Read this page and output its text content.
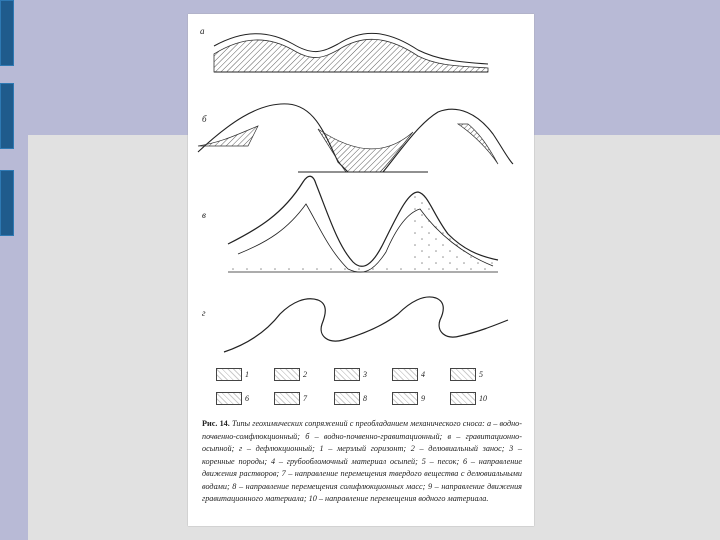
а
б
в
г
1	2	3	4	5
6	7	8	9	10
Рис. 14. Типы геохимических сопряжений с преобладанием механического сноса: а – водно-почвенно-сомфлюкционный; б – водно-почвенно-гравитационный; в – гравитационно-осыпной; г – дефлюкционный; 1 – мерзлый горизонт; 2 – делювиальный занос; 3 – коренные породы; 4 – грубообломочный материал осыпей; 5 – песок; 6 – направление движения растворов; 7 – направление перемещения твердого вещества с делювиальными водами; 8 – направление перемещения солифлюкционных масс; 9 – направление движения гравитационного материала; 10 – направление перемещения водного материала.
